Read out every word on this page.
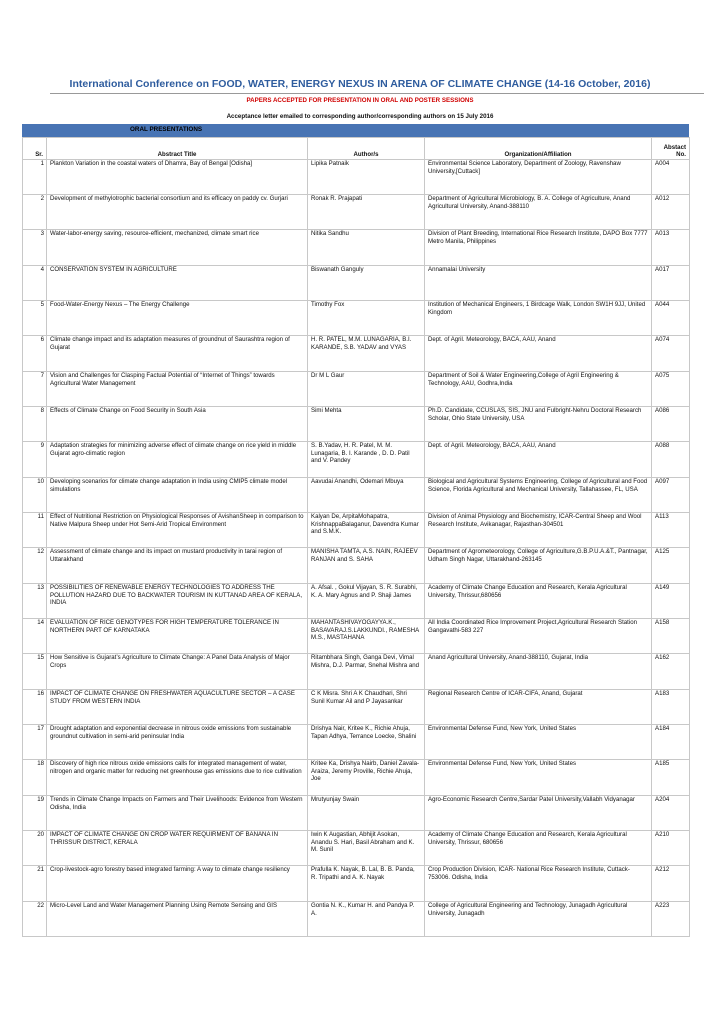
International Conference on FOOD, WATER, ENERGY NEXUS IN ARENA OF CLIMATE CHANGE (14-16 October, 2016)
PAPERS ACCEPTED FOR PRESENTATION IN ORAL AND POSTER SESSIONS
Acceptance letter emailed to corresponding author/corresponding authors on 15 July 2016
ORAL PRESENTATIONS
Sr.	Abstract Title	Author/s	Organization/Affiliation	Abstact No.
1	Plankton Variation in the coastal waters of Dhamra, Bay of Bengal [Odisha]	Lipika Patnaik	Environmental Science Laboratory, Department of Zoology, Ravenshaw University,[Cuttack]	A004
2	Development of methylotrophic bacterial consortium and its efficacy on paddy cv. Gurjari	Ronak R. Prajapati	Department of Agricultural Microbiology, B. A. College of Agriculture, Anand Agricultural University, Anand-388110	A012
3	Water-labor-energy saving, resource-efficient, mechanized, climate smart rice	Nitika Sandhu	Division of Plant Breeding, International Rice Research Institute, DAPO Box 7777 Metro Manila, Philippines	A013
4	CONSERVATION SYSTEM IN AGRICULTURE	Biswanath Ganguly	Annamalai University	A017
5	Food-Water-Energy Nexus – The Energy Challenge	Timothy Fox	Institution of Mechanical Engineers, 1 Birdcage Walk, London SW1H 9JJ, United Kingdom	A044
6	Climate change impact and its adaptation measures of groundnut of Saurashtra region of Gujarat	H. R. PATEL, M.M. LUNAGARIA, B.I. KARANDE, S.B. YADAV and VYAS	Dept. of Agril. Meteorology, BACA, AAU, Anand	A074
7	Vision and Challenges for Clasping Factual Potential of “Internet of Things” towards Agricultural Water Management	Dr M L Gaur	Department of Soil & Water Engineering,College of Agril Engineering & Technology, AAU, Godhra,India	A075
8	Effects of Climate Change on Food Security in South Asia	Simi Mehta	Ph.D. Candidate, CCUSLAS, SIS, JNU and Fulbright-Nehru Doctoral Research Scholar, Ohio State University, USA	A086
9	Adaptation strategies for minimizing adverse effect of climate change on rice yield in middle Gujarat agro-climatic region	S. B.Yadav, H. R. Patel, M. M. Lunagaria, B. I. Karande , D. D. Patil and V. Pandey	Dept. of Agril. Meteorology, BACA, AAU, Anand	A088
10	Developing scenarios for climate change adaptation in India using CMIP5 climate model simulations	Aavudai Anandhi, Odemari Mbuya	Biological and Agricultural Systems Engineering, College of Agricultural and Food Science, Florida Agricultural and Mechanical University, Tallahassee, FL, USA	A097
11	Effect of Nutritional Restriction on Physiological Responses of AvishanSheep in comparison to Native Malpura Sheep under Hot Semi-Arid Tropical Environment	Kalyan De, ArpitaMohapatra, KrishnappaBalaganur, Davendra Kumar and S.M.K.	Division of Animal Physiology and Biochemistry, ICAR-Central Sheep and Wool Research Institute, Avikanagar, Rajasthan-304501	A113
12	Assessment of climate change and its impact on mustard productivity in tarai region of Uttarakhand	MANISHA TAMTA, A.S. NAIN, RAJEEV RANJAN and S. SAHA	Department of Agrometeorology, College of Agriculture,G.B.P.U.A.&T., Pantnagar, Udham Singh Nagar, Uttarakhand-263145	A125
13	POSSIBILITIES OF RENEWABLE ENERGY TECHNOLOGIES TO ADDRESS THE POLLUTION HAZARD DUE TO BACKWATER TOURISM IN KUTTANAD AREA OF KERALA, INDIA	A. Afsal. , Gokul Vijayan, S. R. Surabhi, K. A. Mary Agnus and P. Shaji James	Academy of Climate Change Education and Research, Kerala Agricultural University, Thrissur,680656	A149
14	EVALUATION OF RICE GENOTYPES FOR HIGH TEMPERATURE TOLERANCE IN NORTHERN PART OF KARNATAKA	MAHANTASHIVAYOGAYYA.K., BASAVARAJ.S.LAKKUNDI., RAMESHA M.S., MASTAHANA	All India Coordinated Rice Improvement Project,Agricultural Research Station Gangavathi-583 227	A158
15	How Sensitive is Gujarat’s Agriculture to Climate Change: A Panel Data Analysis of Major Crops	Ritambhara Singh, Ganga Devi, Vimal Mishra, D.J. Parmar, Snehal Mishra and	Anand Agricultural University, Anand-388110, Gujarat, India	A162
16	IMPACT OF CLIMATE CHANGE ON FRESHWATER AQUACULTURE SECTOR – A CASE STUDY FROM WESTERN INDIA	C K Misra. Shri A K Chaudhari, Shri Sunil Kumar Ail and P Jayasankar	Regional Research Centre of ICAR-CIFA, Anand, Gujarat	A183
17	Drought adaptation and exponential decrease in nitrous oxide emissions from sustainable groundnut cultivation in semi-arid peninsular India	Drishya Nair, Kritee K., Richie Ahuja, Tapan Adhya, Terrance Loecke, Shalini	Environmental Defense Fund, New York, United States	A184
18	Discovery of high rice nitrous oxide emissions calls for integrated management of water, nitrogen and organic matter for reducing net greenhouse gas emissions due to rice cultivation	Kritee Ka, Drishya Nairb, Daniel Zavala-Araiza, Jeremy Proville, Richie Ahuja, Joe	Environmental Defense Fund, New York, United States	A185
19	Trends in Climate Change Impacts on Farmers and Their Livelihoods: Evidence from Western Odisha, India	Mrutyunjay Swain	Agro-Economic Research Centre,Sardar Patel University,Vallabh Vidyanagar	A204
20	IMPACT OF CLIMATE CHANGE ON CROP WATER REQUIRMENT OF BANANA IN THRISSUR DISTRICT, KERALA	Iwin K Augastian, Abhijit Asokan, Anandu S. Hari, Basil Abraham and K. M. Sunil	Academy of Climate Change Education and Research, Kerala Agricultural University, Thrissur, 680656	A210
21	Crop-livestock-agro forestry based integrated farming: A way to climate change resiliency	Prafulla K. Nayak, B. Lal, B. B. Panda, R. Tripathi and A. K. Nayak	Crop Production Division, ICAR- National Rice Research Institute, Cuttack- 753006. Odisha, India	A212
22	Micro-Level Land and Water Management Planning Using Remote Sensing and GIS	Gontia N. K., Kumar H. and Pandya P. A.	College of Agricultural Engineering and Technology, Junagadh Agricultural University, Junagadh	A223
